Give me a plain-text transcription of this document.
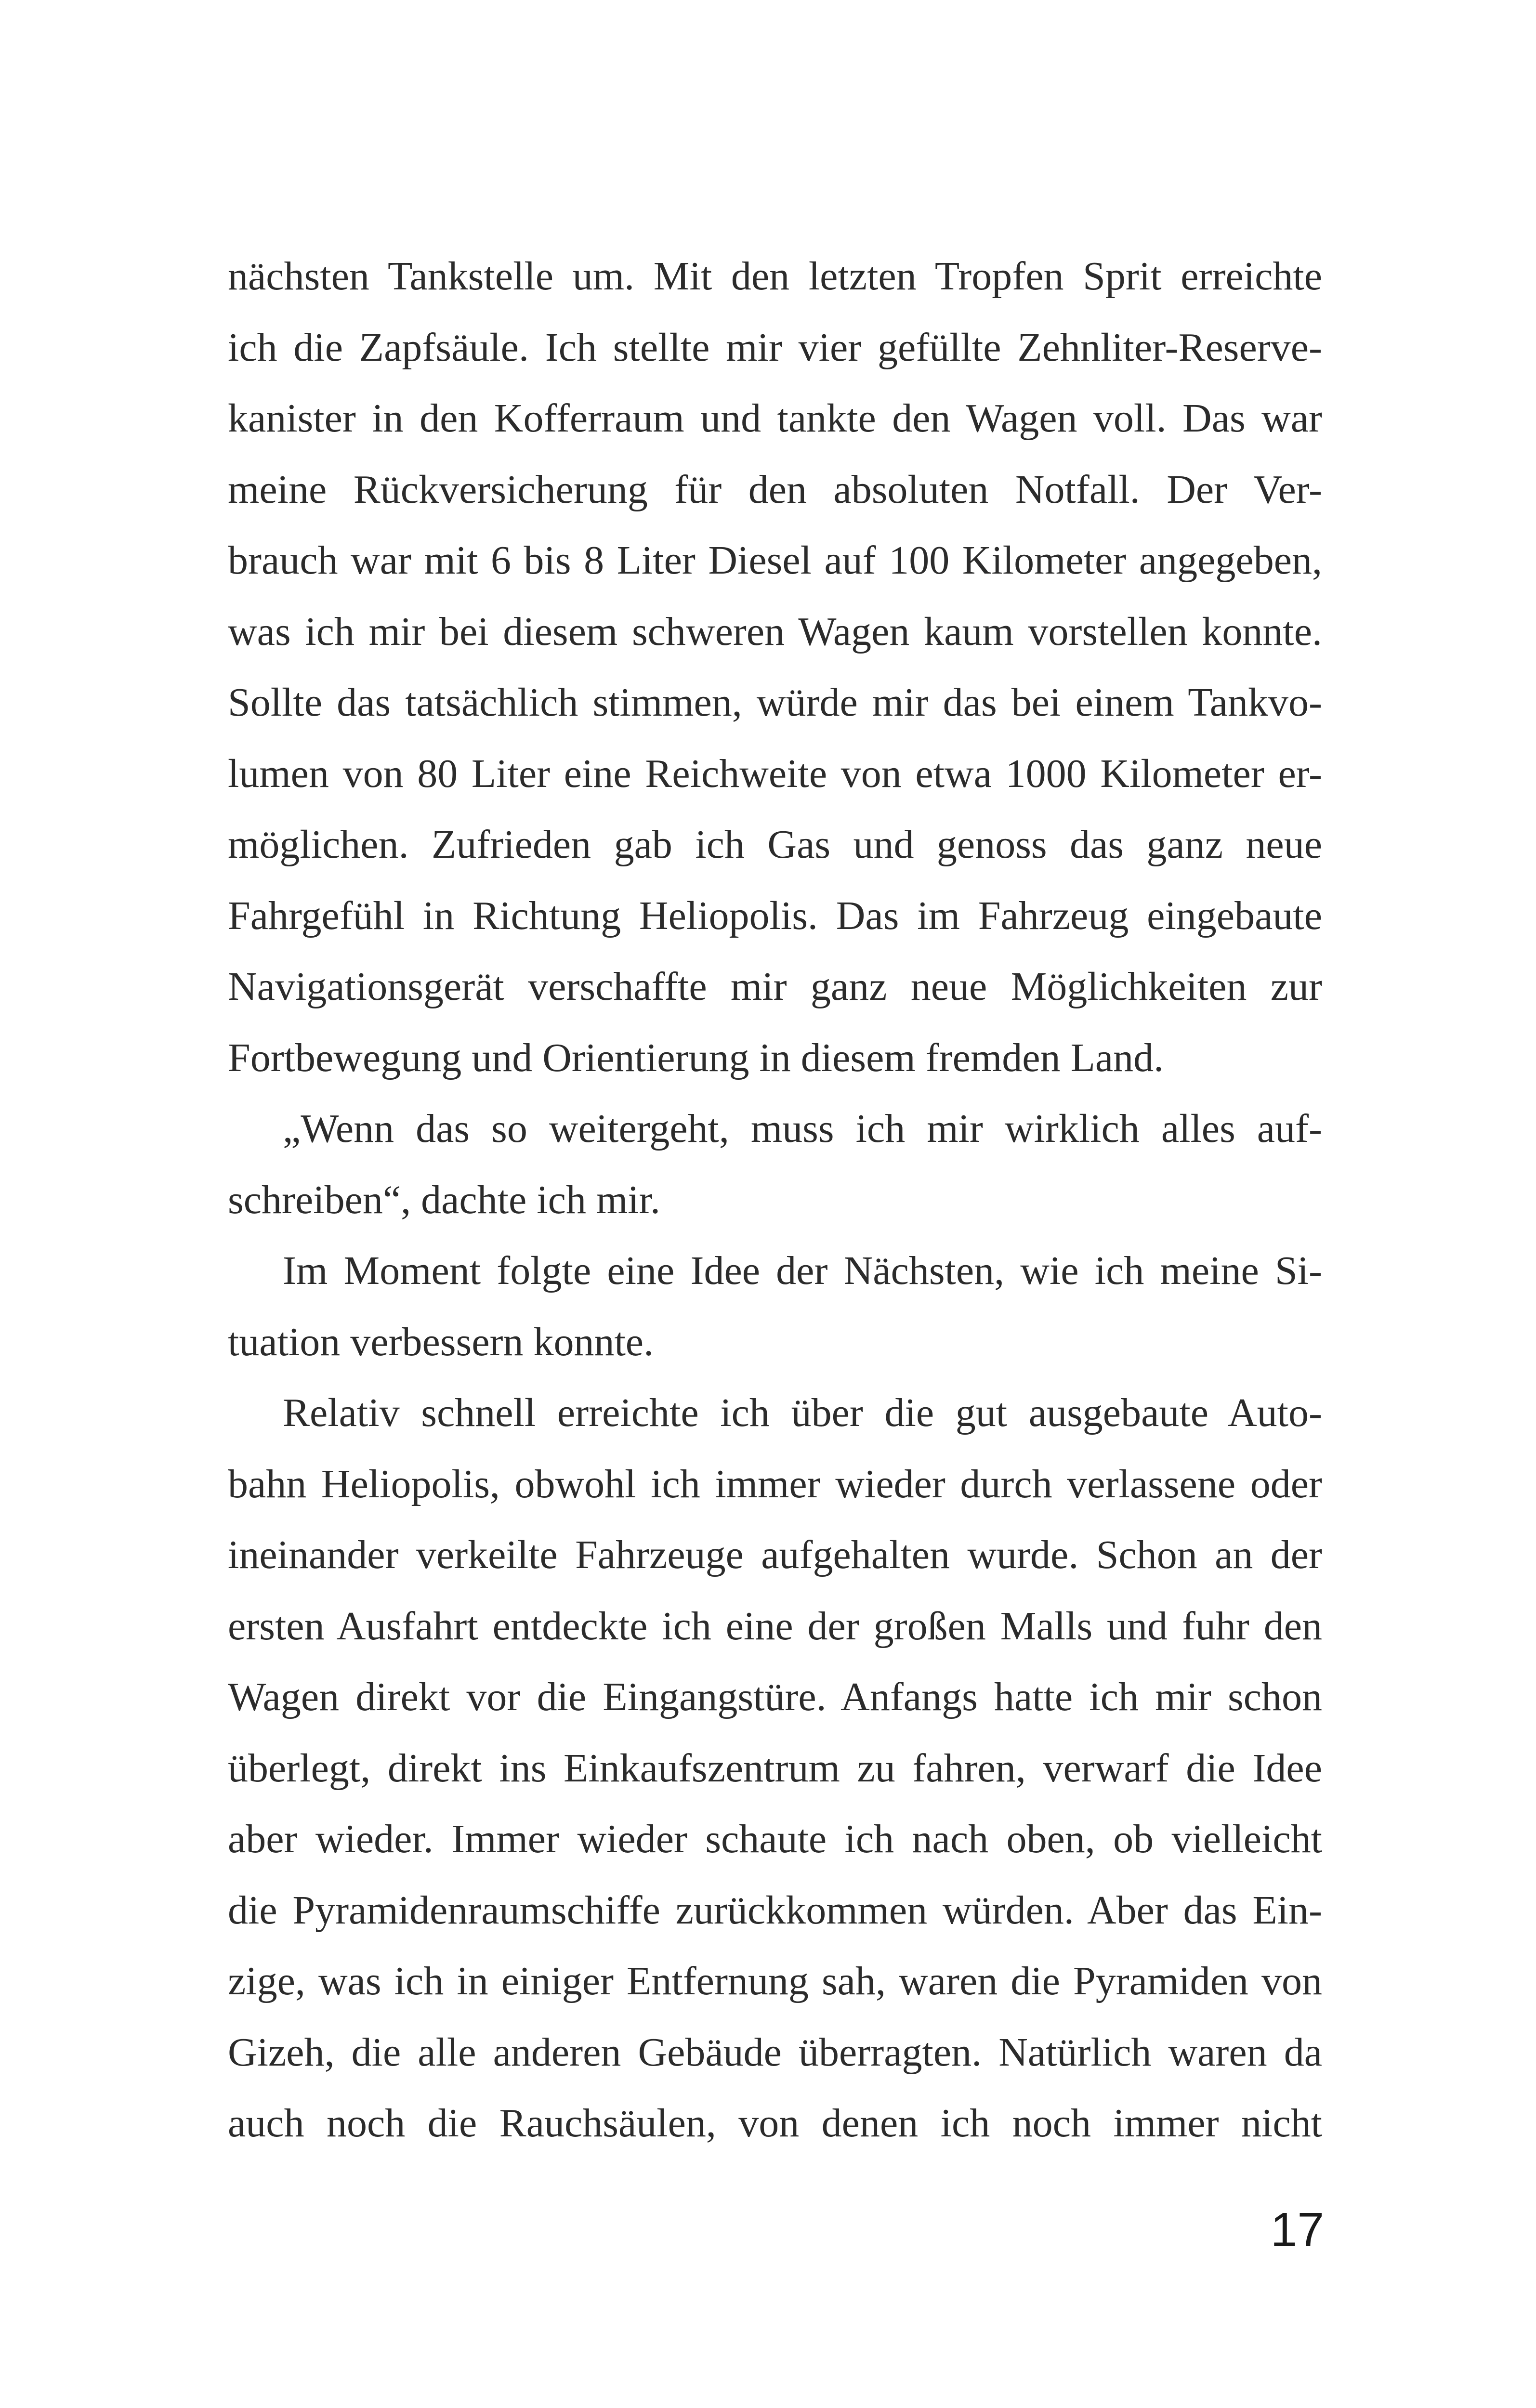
nächsten Tankstelle um. Mit den letzten Tropfen Sprit erreichte

ich die Zapfsäule. Ich stellte mir vier gefüllte Zehnliter-Reserve-

kanister in den Kofferraum und tankte den Wagen voll. Das war

meine Rückversicherung für den absoluten Notfall. Der Ver-

brauch war mit 6 bis 8 Liter Diesel auf 100 Kilometer angegeben,

was ich mir bei diesem schweren Wagen kaum vorstellen konnte.

Sollte das tatsächlich stimmen, würde mir das bei einem Tankvo-

lumen von 80 Liter eine Reichweite von etwa 1000 Kilometer er-

möglichen. Zufrieden gab ich Gas und genoss das ganz neue

Fahrgefühl in Richtung Heliopolis. Das im Fahrzeug eingebaute

Navigationsgerät verschaffte mir ganz neue Möglichkeiten zur

Fortbewegung und Orientierung in diesem fremden Land.

„Wenn das so weitergeht, muss ich mir wirklich alles auf-

schreiben“, dachte ich mir.

Im Moment folgte eine Idee der Nächsten, wie ich meine Si-

tuation verbessern konnte.

Relativ schnell erreichte ich über die gut ausgebaute Auto-

bahn Heliopolis, obwohl ich immer wieder durch verlassene oder

ineinander verkeilte Fahrzeuge aufgehalten wurde. Schon an der

ersten Ausfahrt entdeckte ich eine der großen Malls und fuhr den

Wagen direkt vor die Eingangstüre. Anfangs hatte ich mir schon

überlegt, direkt ins Einkaufszentrum zu fahren, verwarf die Idee

aber wieder. Immer wieder schaute ich nach oben, ob vielleicht

die Pyramidenraumschiffe zurückkommen würden. Aber das Ein-

zige, was ich in einiger Entfernung sah, waren die Pyramiden von

Gizeh, die alle anderen Gebäude überragten. Natürlich waren da

auch noch die Rauchsäulen, von denen ich noch immer nicht

17
